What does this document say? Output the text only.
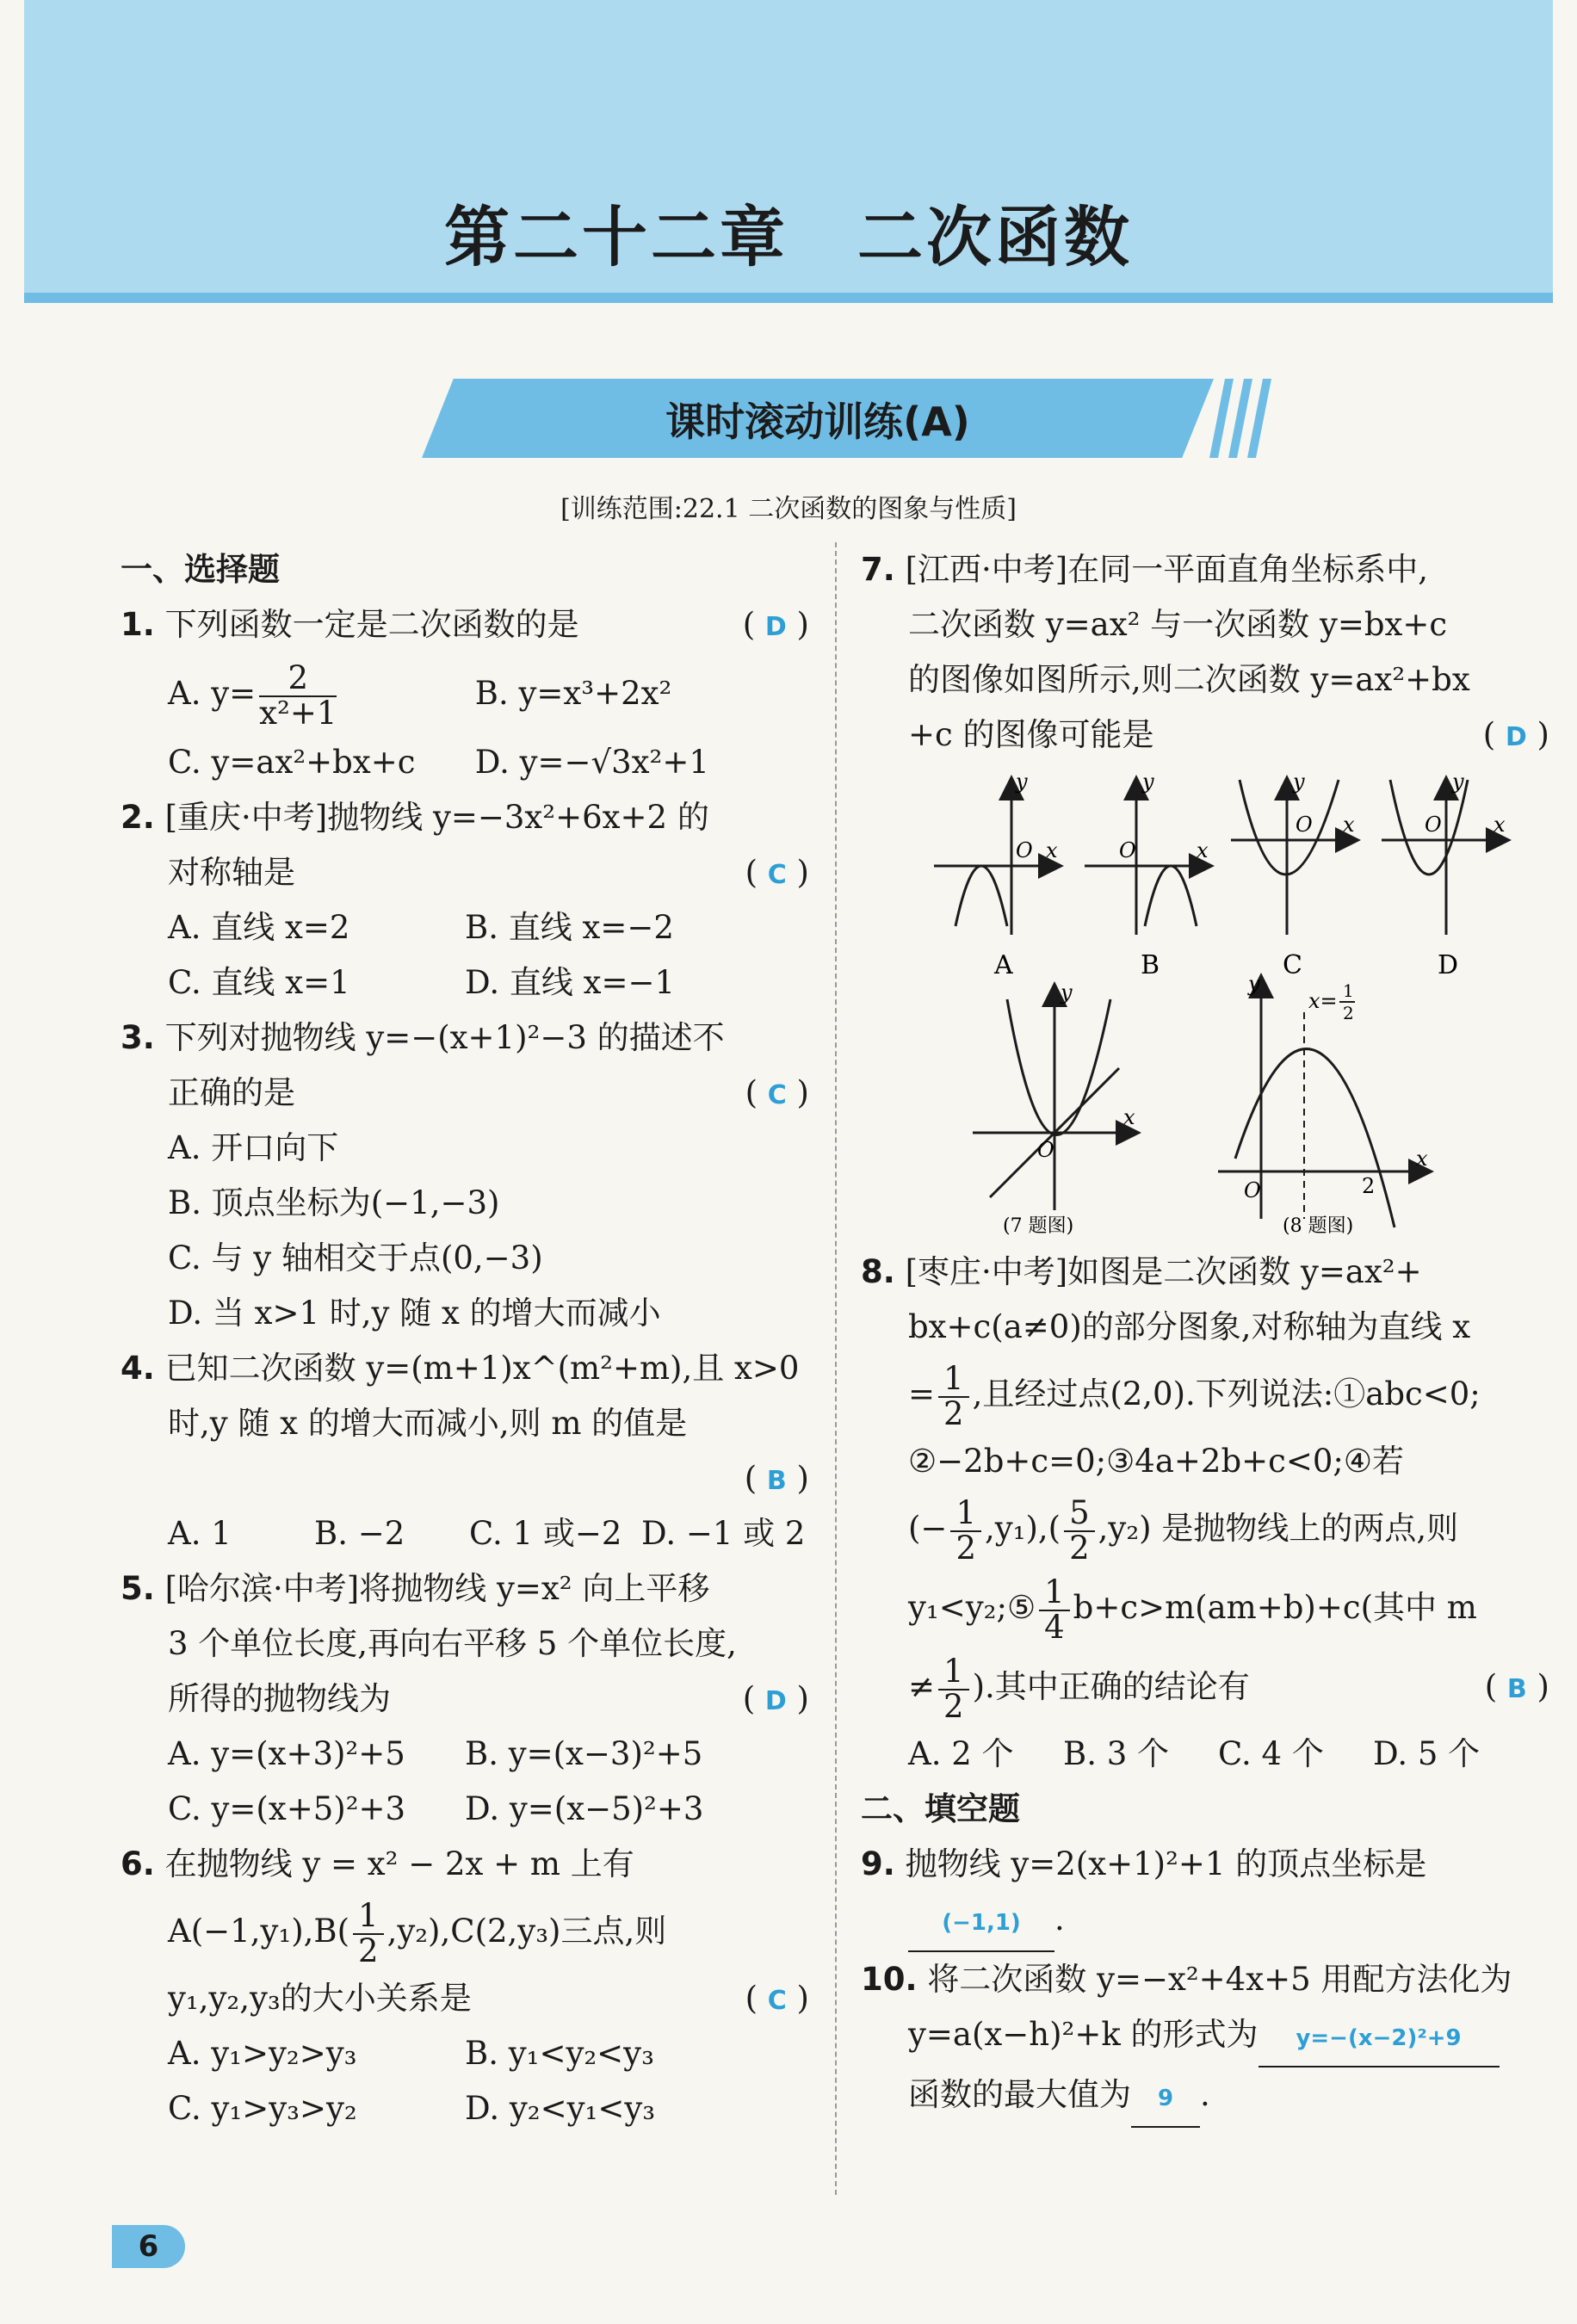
第二十二章　二次函数
课时滚动训练(A)
[训练范围:22.1 二次函数的图象与性质]
一、选择题
1. 下列函数一定是二次函数的是	( D )
A. $y= \frac{2}{\text{x²+1}}$	B. y=x³+2x²
C. y=ax²+bx+c D. y=−√3x²+1
2. [重庆·中考]抛物线 y=−3x²+6x+2 的
对称轴是	( C )
A. 直线 x=2	B. 直线 x=−2
C. 直线 x=1	D. 直线 x=−1
3. 下列对抛物线 y=−(x+1)²−3 的描述不
正确的是	( C )
A. 开口向下
B. 顶点坐标为(−1,−3)
C. 与 y 轴相交于点(0,−3)
D. 当 x>1 时,y 随 x 的增大而减小
4. 已知二次函数 y=(m+1)x^(m²+m),且 x>0
时,y 随 x 的增大而减小,则 m 的值是
( B )

A. 1	B. −2 C. 1 或−2 D. −1 或 2
5. [哈尔滨·中考]将抛物线 y=x² 向上平移
3 个单位长度,再向右平移 5 个单位长度,
所得的抛物线为	( D )
A. y=(x+3)²+5 B. y=(x−3)²+5
C. y=(x+5)²+3 D. y=(x−5)²+3
6. 在抛物线 y = x² − 2x + m 上有
$A(-1,y_1),B( \frac{1}{2} ,y_2),C(2,y_3)$三点,则
y₁,y₂,y₃的大小关系是	( C )
A. y₁>y₂>y₃	B. y₁<y₂<y₃
C. y₁>y₃>y₂	D. y₂<y₁<y₃
7. [江西·中考]在同一平面直角坐标系中,
二次函数 y=ax² 与一次函数 y=bx+c
的图像如图所示,则二次函数 y=ax²+bx
+c 的图像可能是	( D )
y
x
O
A
y
x
O
B
y
x
O
C
y
x
O
D
y
x
O
(7 题图)
y
x
O	2
x= 1
2
(8 题图)
8. [枣庄·中考]如图是二次函数 y=ax²+
bx+c(a≠0)的部分图象,对称轴为直线 x
= $\frac{1}{2}$ ,且经过点(2,0).下列说法:①abc<0;
②−2b+c=0;③4a+2b+c<0;④若
(− $\frac{1}{2} ,y_1),( \frac{5}{2} ,y_2)$ 是抛物线上的两点,则
y₁<y₂;⑤ $\frac{1}{4} b+c>m(am+b)+c$(其中 m
≠ $\frac{1}{2}$ ).其中正确的结论有	( B )
A. 2 个 B. 3 个 C. 4 个 D. 5 个
二、填空题
9. 抛物线 y=2(x+1)²+1 的顶点坐标是
(−1,1) .
10. 将二次函数 y=−x²+4x+5 用配方法化为
y=a(x−h)²+k 的形式为 y=−(x−2)²+9
函数的最大值为 9 .
6
